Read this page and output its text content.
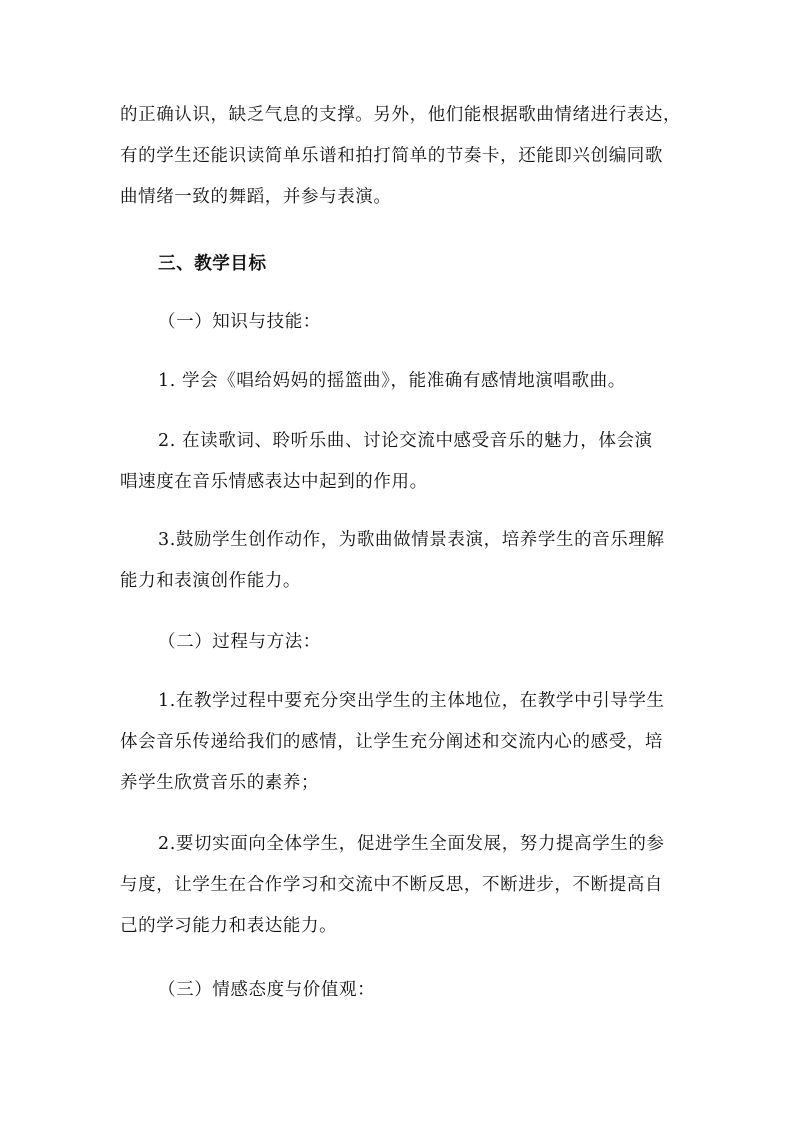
的正确认识，缺乏气息的支撑。另外，他们能根据歌曲情绪进行表达，
有的学生还能识读简单乐谱和拍打简单的节奏卡，还能即兴创编同歌
曲情绪一致的舞蹈，并参与表演。
三、教学目标
（一）知识与技能：
1. 学会《唱给妈妈的摇篮曲》，能准确有感情地演唱歌曲。
2. 在读歌词、聆听乐曲、讨论交流中感受音乐的魅力，体会演
唱速度在音乐情感表达中起到的作用。
3.鼓励学生创作动作，为歌曲做情景表演，培养学生的音乐理解
能力和表演创作能力。
（二）过程与方法：
1.在教学过程中要充分突出学生的主体地位，在教学中引导学生
体会音乐传递给我们的感情，让学生充分阐述和交流内心的感受，培
养学生欣赏音乐的素养；
2.要切实面向全体学生，促进学生全面发展，努力提高学生的参
与度，让学生在合作学习和交流中不断反思，不断进步，不断提高自
己的学习能力和表达能力。
（三）情感态度与价值观：
